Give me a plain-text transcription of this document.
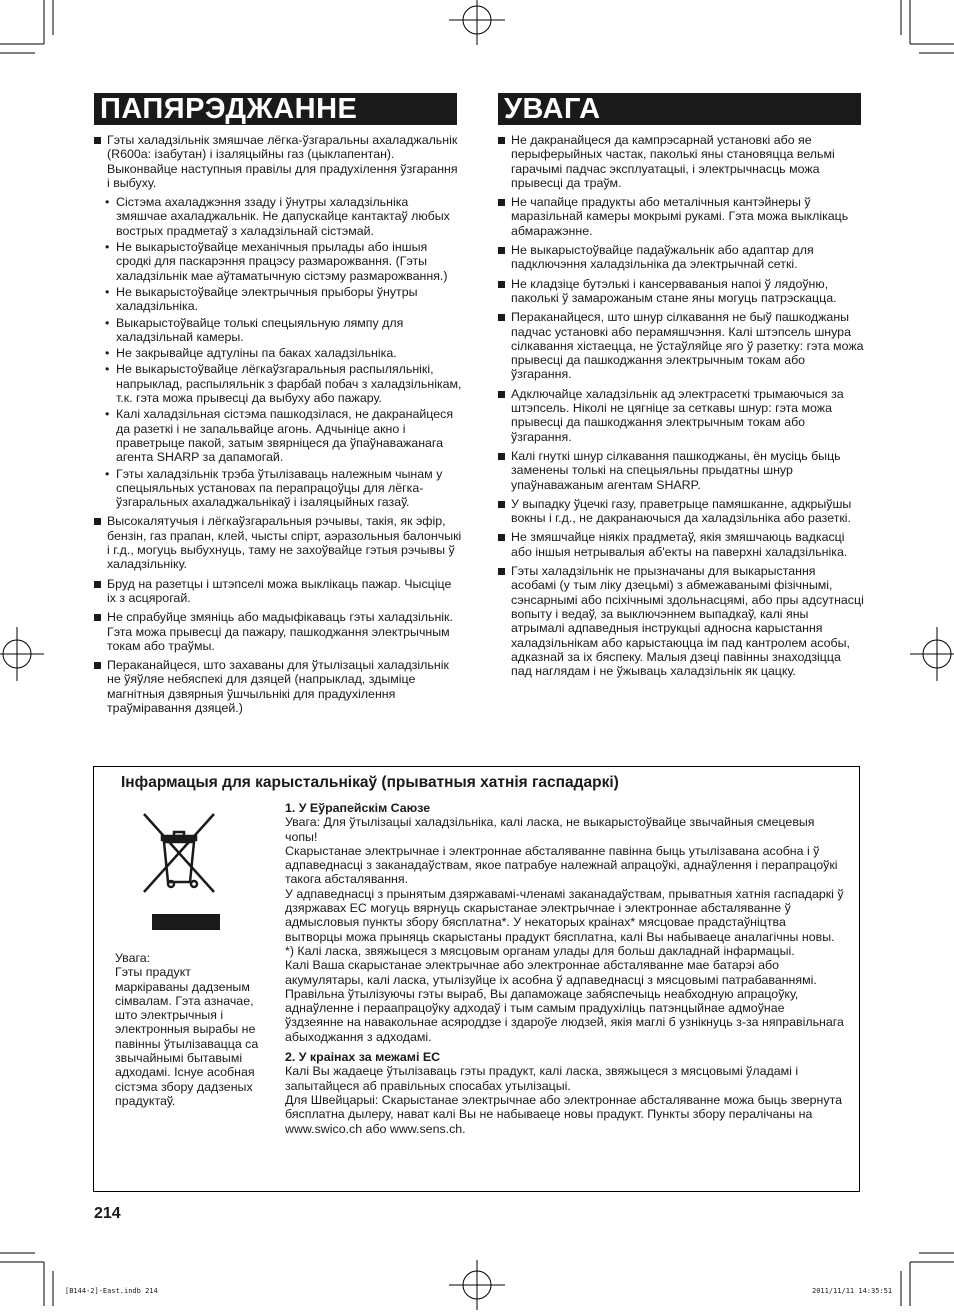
ПАПЯРЭДЖАННЕ	УВАГА
Гэты халадзільнік змяшчае лёгка-ўзгаральны ахаладжальнік (R600a: ізабутан) і ізаляцыйны газ (цыклапентан). Выконвайце наступныя правілы для прадухілення ўзгарання і выбуху.
• Сістэма ахаладжэння ззаду і ўнутры халадзільніка змяшчае ахаладжальнік. Не дапускайце кантактаў любых вострых прадметаў з халадзільнай сістэмай.
• Не выкарыстоўвайце механічныя прылады або іншыя сродкі для паскарэння працэсу размарожвання. (Гэты халадзільнік мае аўтаматычную сістэму размарожвання.)
• Не выкарыстоўвайце электрычныя прыборы ўнутры халадзільніка.
• Выкарыстоўвайце толькі спецыяльную лямпу для халадзільнай камеры.
• Не закрывайце адтуліны па баках халадзільніка.
• Не выкарыстоўвайце лёгкаўзгаральныя распыляльнікі, напрыклад, распыляльнік з фарбай побач з халадзільнікам, т.к. гэта можа прывесці да выбуху або пажару.
• Калі халадзільная сістэма пашкодзілася, не дакранайцеся да разеткі і не запальвайце агонь. Адчыніце акно і праветрыце пакой, затым звярніцеся да ўпаўнаважанага агента SHARP за дапамогай.
• Гэты халадзільнік трэба ўтылізаваць належным чынам у спецыяльных установах па перапрацоўцы для лёгка-ўзгаральных ахаладжальнікаў і ізаляцыйных газаў.
Высокалятучыя і лёгкаўзгаральныя рэчывы, такія, як эфір, бензін, газ прапан, клей, чысты спірт, аэразольныя балончыкі і г.д., могуць выбухнуць, таму не захоўвайце гэтыя рэчывы ў халадзільніку.
Бруд на разетцы і штэпселі можа выклікаць пажар. Чысціце іх з асцярогай.
Не спрабуйце змяніць або мадыфікаваць гэты халадзільнік. Гэта можа прывесці да пажару, пашкоджання электрычным токам або траўмы.
Пераканайцеся, што захаваны для ўтылізацыі халадзільнік не ўяўляе небяспекі для дзяцей (напрыклад, здыміце магнітныя дзвярныя ўшчыльнікі для прадухілення траўміравання дзяцей.)
Не дакранайцеся да кампрэсарнай установкі або яе перыферыйных частак, паколькі яны становяцца вельмі гарачымі падчас эксплуатацыі, і электрычнасць можа прывесці да траўм.
Не чапайце прадукты або металічныя кантэйнеры ў маразільнай камеры мокрымі рукамі. Гэта можа выклікаць абмаражэнне.
Не выкарыстоўвайце падаўжальнік або адаптар для падключэння халадзільніка да электрычнай сеткі.
Не кладзіце бутэлькі і кансерваваныя напоі ў лядоўню, паколькі ў замарожаным стане яны могуць патрэскацца.
Пераканайцеся, што шнур сілкавання не быў пашкоджаны падчас установкі або перамяшчэння. Калі штэпсель шнура сілкавання хістаецца, не ўстаўляйце яго ў разетку: гэта можа прывесці да пашкоджання электрычным токам або ўзгарання.
Адключайце халадзільнік ад электрасеткі трымаючыся за штэпсель. Ніколі не цягніце за сеткавы шнур: гэта можа прывесці да пашкоджання электрычным токам або ўзгарання.
Калі гнуткі шнур сілкавання пашкоджаны, ён мусіць быць заменены толькі на спецыяльны прыдатны шнур упаўнаважаным агентам SHARP.
У выпадку ўцечкі газу, праветрыце памяшканне, адкрыўшы вокны і г.д., не дакранаючыся да халадзільніка або разеткі.
Не змяшчайце ніякіх прадметаў, якія змяшчаюць вадкасці або іншыя нетрывалыя аб'екты на паверхні халадзільніка.
Гэты халадзільнік не прызначаны для выкарыстання асобамі (у тым ліку дзецьмі) з абмежаванымі фізічнымі, сэнсарнымі або псіхічнымі здольнасцямі, або пры адсутнасці вопыту і ведаў, за выключэннем выпадкаў, калі яны атрымалі адпаведныя інструкцыі адносна карыстання халадзільнікам або карыстаюцца ім пад кантролем асобы, адказнай за іх бяспеку. Малыя дзеці павінны знаходзіцца пад наглядам і не ўжываць халадзільнік як цацку.
Інфармацыя для карыстальнікаў (прыватныя хатнія гаспадаркі)
Увага:
Гэты прадукт маркіраваны дадзеным сімвалам. Гэта азначае, што электрычныя і электронныя вырабы не павінны ўтылізавацца са звычайнымі бытавымі адходамі. Існуе асобная сістэма збору дадзеных прадуктаў.

1. У Еўрапейскім Саюзе

Увага: Для ўтылізацыі халадзільніка, калі ласка, не выкарыстоўвайце звычайныя смецевыя чопы!

Скарыстанае электрычнае і электроннае абсталяванне павінна быць утылізавана асобна і ў адпаведнасці з заканадаўствам, якое патрабуе належнай апрацоўкі, аднаўлення і перапрацоўкі такога абсталявання.

У адпаведнасці з прынятым дзяржавамі-членамі заканадаўствам, прыватныя хатнія гаспадаркі ў дзяржавах ЕС могуць вярнуць скарыстанае электрычнае і электроннае абсталяванне ў адмысловыя пункты збору бясплатна*. У некаторых краінах* мясцовае прадстаўніцтва вытворцы можа прыняць скарыстаны прадукт бясплатна, калі Вы набываеце аналагічны новы.

*) Калі ласка, звяжыцеся з мясцовым органам улады для больш дакладнай інфармацыі.

Калі Ваша скарыстанае электрычнае або электроннае абсталяванне мае батарэі або акумулятары, калі ласка, утылізуйце іх асобна ў адпаведнасці з мясцовымі патрабаваннямі.

Правільна ўтылізуючы гэты выраб, Вы дапаможаце забяспечыць неабходную апрацоўку, аднаўленне і пераапрацоўку адходаў і тым самым прадухіліць патэнцыйнае адмоўнае ўздзеянне на навакольнае асяроддзе і здароўе людзей, якія маглі б узнікнуць з-за няправільнага абыходжання з адходамі.

2. У краінах за межамі ЕС

Калі Вы жадаеце ўтылізаваць гэты прадукт, калі ласка, звяжыцеся з мясцовымі ўладамі і запытайцеся аб правільных спосабах утылізацыі.

Для Швейцарыі: Скарыстанае электрычнае або электроннае абсталяванне можа быць звернута бясплатна дылеру, нават калі Вы не набываеце новы прадукт. Пункты збору пералічаны на www.swico.ch або www.sens.ch.

214
[B144-2]-East.indb 214	2011/11/11 14:35:51
